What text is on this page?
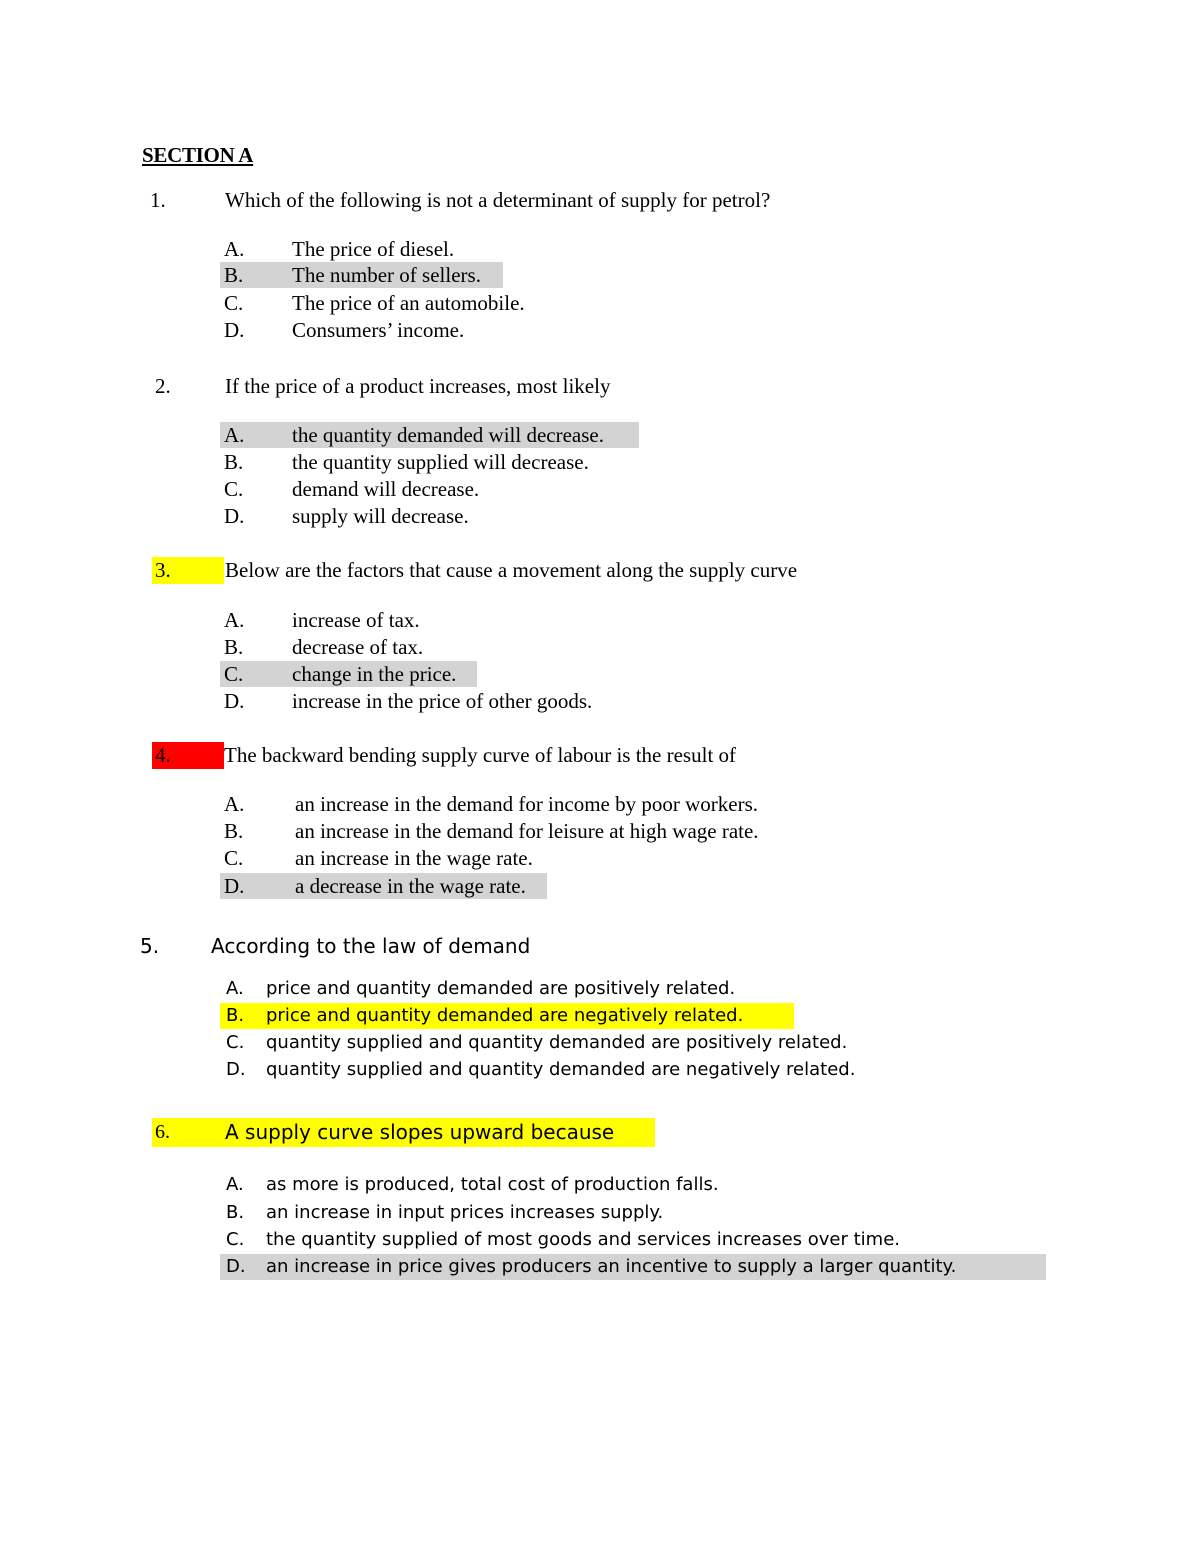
SECTION A
1.	Which of the following is not a determinant of supply for petrol?
A. The price of diesel.
B. The number of sellers.
C. The price of an automobile.
D. Consumers’ income.
2.	If the price of a product increases, most likely
A. the quantity demanded will decrease.
B. the quantity supplied will decrease.
C. demand will decrease.
D. supply will decrease.
3.	Below are the factors that cause a movement along the supply curve
A. increase of tax.
B. decrease of tax.
C. change in the price.
D. increase in the price of other goods.
4.	The backward bending supply curve of labour is the result of
A. an increase in the demand for income by poor workers.
B. an increase in the demand for leisure at high wage rate.
C. an increase in the wage rate.
D. a decrease in the wage rate.
5.	According to the law of demand
A. price and quantity demanded are positively related.
B. price and quantity demanded are negatively related.
C. quantity supplied and quantity demanded are positively related.
D. quantity supplied and quantity demanded are negatively related.
6.	A supply curve slopes upward because
A. as more is produced, total cost of production falls.
B. an increase in input prices increases supply.
C. the quantity supplied of most goods and services increases over time.
D. an increase in price gives producers an incentive to supply a larger quantity.
